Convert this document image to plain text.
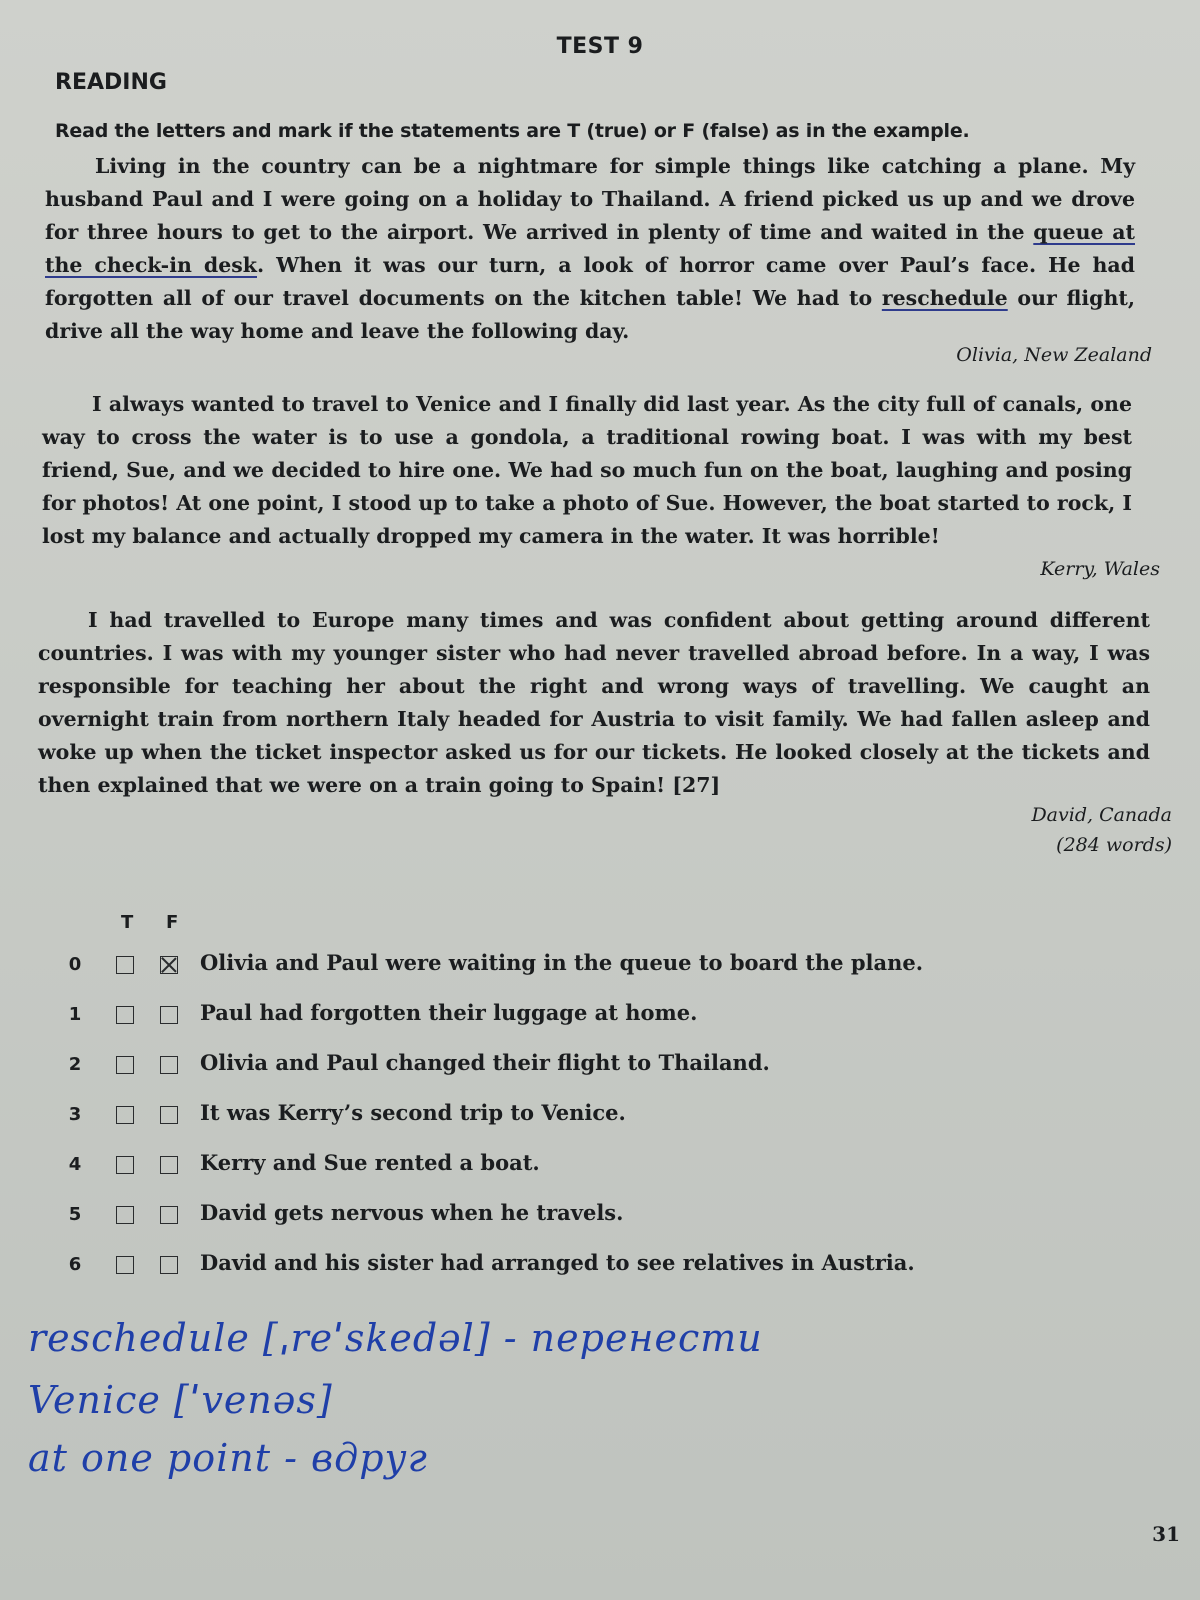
TEST 9
READING
Read the letters and mark if the statements are T (true) or F (false) as in the example.
Living in the country can be a nightmare for simple things like catching a plane. My husband Paul and I were going on a holiday to Thailand. A friend picked us up and we drove for three hours to get to the airport. We arrived in plenty of time and waited in the queue at the check-in desk. When it was our turn, a look of horror came over Paul’s face. He had forgotten all of our travel documents on the kitchen table! We had to reschedule our flight, drive all the way home and leave the following day.
Olivia, New Zealand
I always wanted to travel to Venice and I finally did last year. As the city full of canals, one way to cross the water is to use a gondola, a traditional rowing boat. I was with my best friend, Sue, and we decided to hire one. We had so much fun on the boat, laughing and posing for photos! At one point, I stood up to take a photo of Sue. However, the boat started to rock, I lost my balance and actually dropped my camera in the water. It was horrible!
Kerry, Wales
I had travelled to Europe many times and was confident about getting around different countries. I was with my younger sister who had never travelled abroad before. In a way, I was responsible for teaching her about the right and wrong ways of travelling. We caught an overnight train from northern Italy headed for Austria to visit family. We had fallen asleep and woke up when the ticket inspector asked us for our tickets. He looked closely at the tickets and then explained that we were on a train going to Spain! [27]
David, Canada
(284 words)
T F
0	Olivia and Paul were waiting in the queue to board the plane.
1	Paul had forgotten their luggage at home.
2	Olivia and Paul changed their flight to Thailand.
3	It was Kerry’s second trip to Venice.
4	Kerry and Sue rented a boat.
5	David gets nervous when he travels.
6	David and his sister had arranged to see relatives in Austria.
reschedule [ˌreˈskedəl] - перенести
Venice [ˈvenəs]
at one point - вдруг
31
